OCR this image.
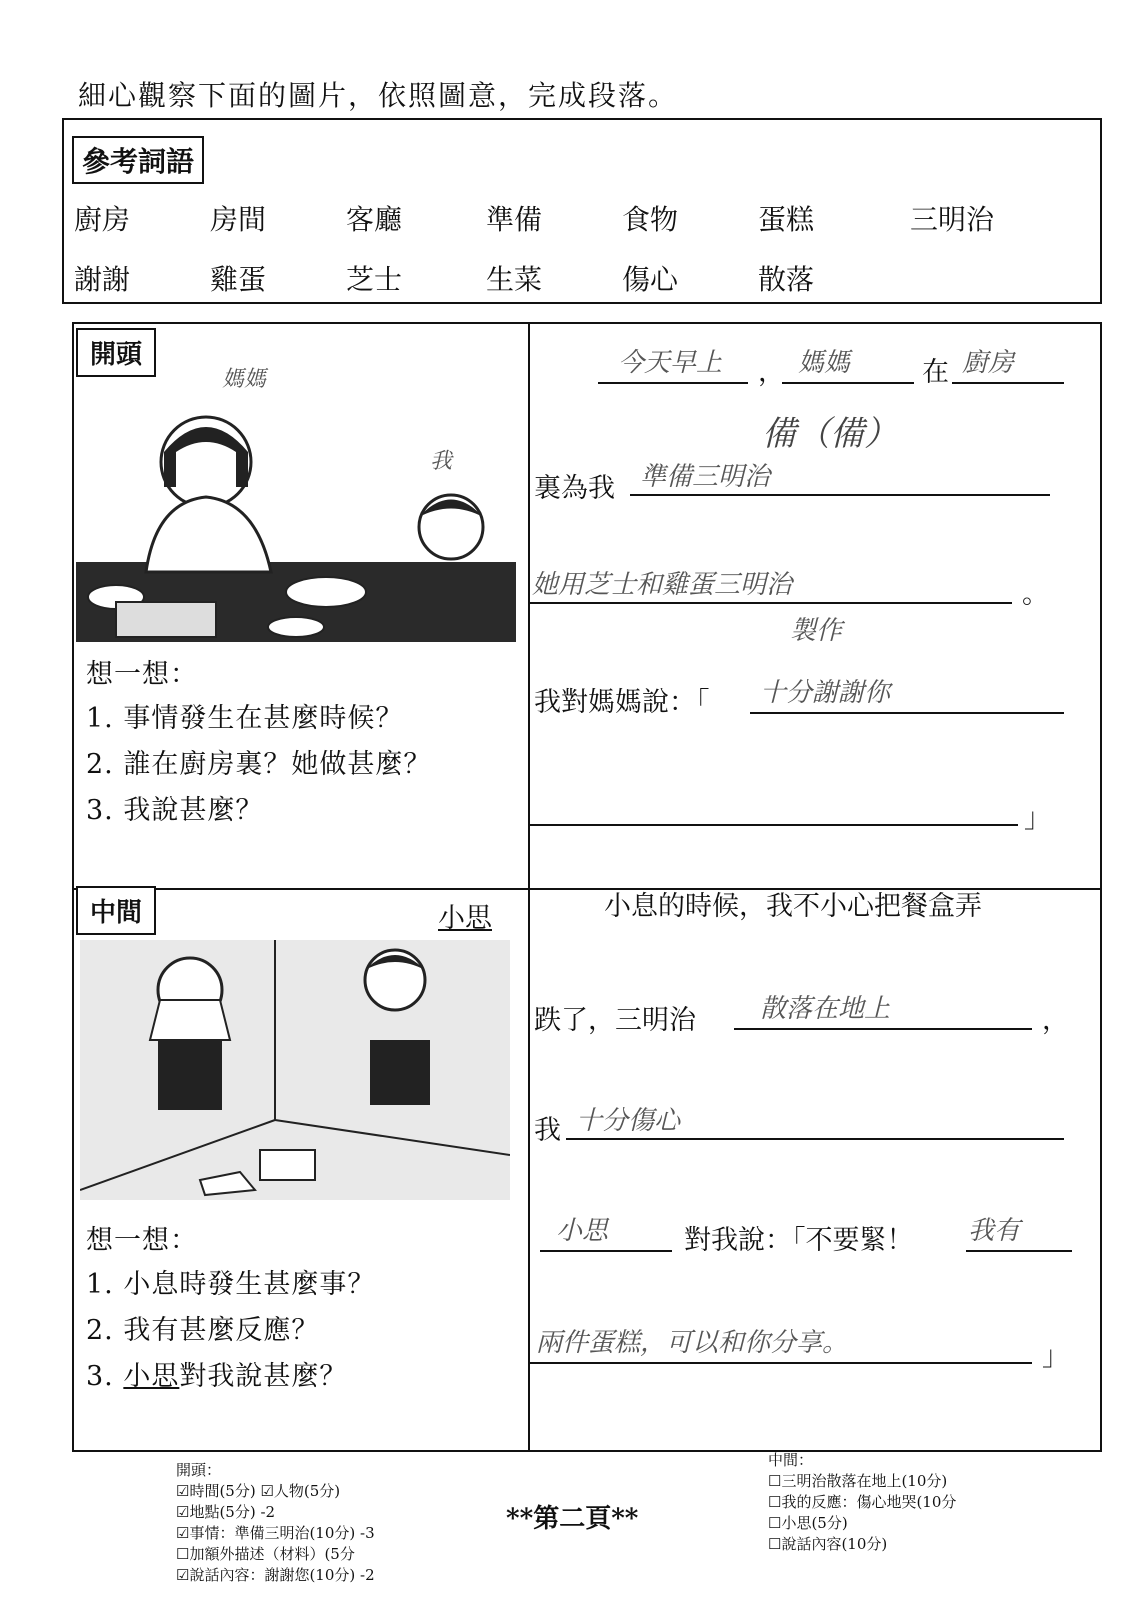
細心觀察下面的圖片，依照圖意，完成段落。
參考詞語
廚房	房間	客廳	準備	食物	蛋糕	三明治
謝謝	雞蛋	芝士	生菜	傷心	散落
開頭
媽媽
我
想一想：
1. 事情發生在甚麼時候？
2. 誰在廚房裏？她做甚麼？
3. 我說甚麼？
今天早上 ， 媽媽	在 廚房
備（備）
裏為我 準備三明治
她用芝士和雞蛋三明治	。
製作
我對媽媽說：「 十分謝謝你
」
中間	小思
想一想：
1. 小息時發生甚麼事？
2. 我有甚麼反應？
3. 小思對我說甚麼？
小息的時候，我不小心把餐盒弄
跌了，三明治 散落在地上	，
我 十分傷心
小思	對我說：「不要緊！ 我有
兩件蛋糕，可以和你分享。	」
開頭：
☑時間(5分) ☑人物(5分)
☑地點(5分) -2
☑事情：準備三明治(10分) -3
☐加額外描述（材料）(5分
☑說話內容：謝謝您(10分) -2
**第二頁**
中間：
☐三明治散落在地上(10分)
☐我的反應：傷心地哭(10分
☐小思(5分)
☐說話內容(10分)
